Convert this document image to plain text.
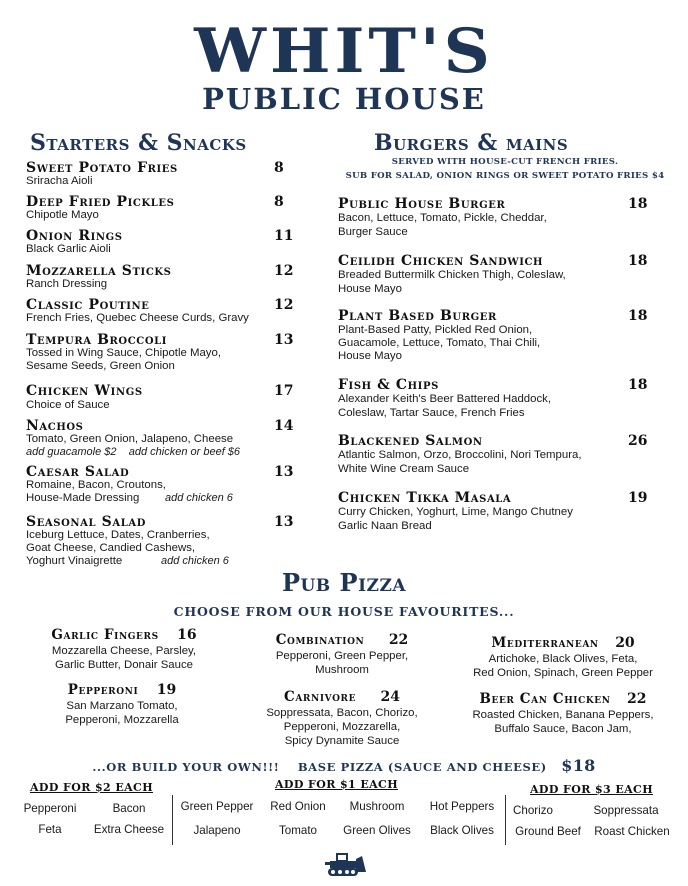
WHIT'S
PUBLIC HOUSE
Starters & Snacks
Sweet Potato Fries	8
Sriracha Aioli
Deep Fried Pickles	8
Chipotle Mayo
Onion Rings	11
Black Garlic Aioli
Mozzarella Sticks	12
Ranch Dressing
Classic Poutine	12
French Fries, Quebec Cheese Curds, Gravy
Tempura Broccoli	13
Tossed in Wing Sauce, Chipotle Mayo,
Sesame Seeds, Green Onion
Chicken Wings	17
Choice of Sauce
Nachos	14
Tomato, Green Onion, Jalapeno, Cheese
add guacamole $2    add chicken or beef $6
Caesar Salad	13
Romaine, Bacon, Croutons,
House-Made Dressing add chicken 6
Seasonal Salad	13
Iceburg Lettuce, Dates, Cranberries,
Goat Cheese, Candied Cashews,
Yoghurt Vinaigrette	add chicken 6
Burgers & mains
SERVED WITH HOUSE-CUT FRENCH FRIES.
SUB FOR SALAD, ONION RINGS OR SWEET POTATO FRIES $4
Public House Burger	18
Bacon, Lettuce, Tomato, Pickle, Cheddar,
Burger Sauce
Ceilidh Chicken Sandwich	18
Breaded Buttermilk Chicken Thigh, Coleslaw,
House Mayo
Plant Based Burger	18
Plant-Based Patty, Pickled Red Onion,
Guacamole, Lettuce, Tomato, Thai Chili,
House Mayo
Fish & Chips	18
Alexander Keith's Beer Battered Haddock,
Coleslaw, Tartar Sauce, French Fries
Blackened Salmon	26
Atlantic Salmon, Orzo, Broccolini, Nori Tempura,
White Wine Cream Sauce
Chicken Tikka Masala	19
Curry Chicken, Yoghurt, Lime, Mango Chutney
Garlic Naan Bread
Pub Pizza
CHOOSE FROM OUR HOUSE FAVOURITES...
Garlic Fingers 16
Mozzarella Cheese, Parsley,
Garlic Butter, Donair Sauce
Pepperoni 19
San Marzano Tomato,
Pepperoni, Mozzarella
Combination 22
Pepperoni, Green Pepper,
Mushroom
Carnivore 24
Soppressata, Bacon, Chorizo,
Pepperoni, Mozzarella,
Spicy Dynamite Sauce
Mediterranean 20
Artichoke, Black Olives, Feta,
Red Onion, Spinach, Green Pepper
Beer Can Chicken 22
Roasted Chicken, Banana Peppers,
Buffalo Sauce, Bacon Jam,
...OR BUILD YOUR OWN!!! BASE PIZZA (SAUCE AND CHEESE) $18
ADD FOR $2 EACH	ADD FOR $1 EACH	ADD FOR $3 EACH
Pepperoni	Bacon
Feta	Extra Cheese
Green Pepper	Red Onion	Mushroom	Hot Peppers
Jalapeno	Tomato	Green Olives	Black Olives
Chorizo	Soppressata
Ground Beef	Roast Chicken
